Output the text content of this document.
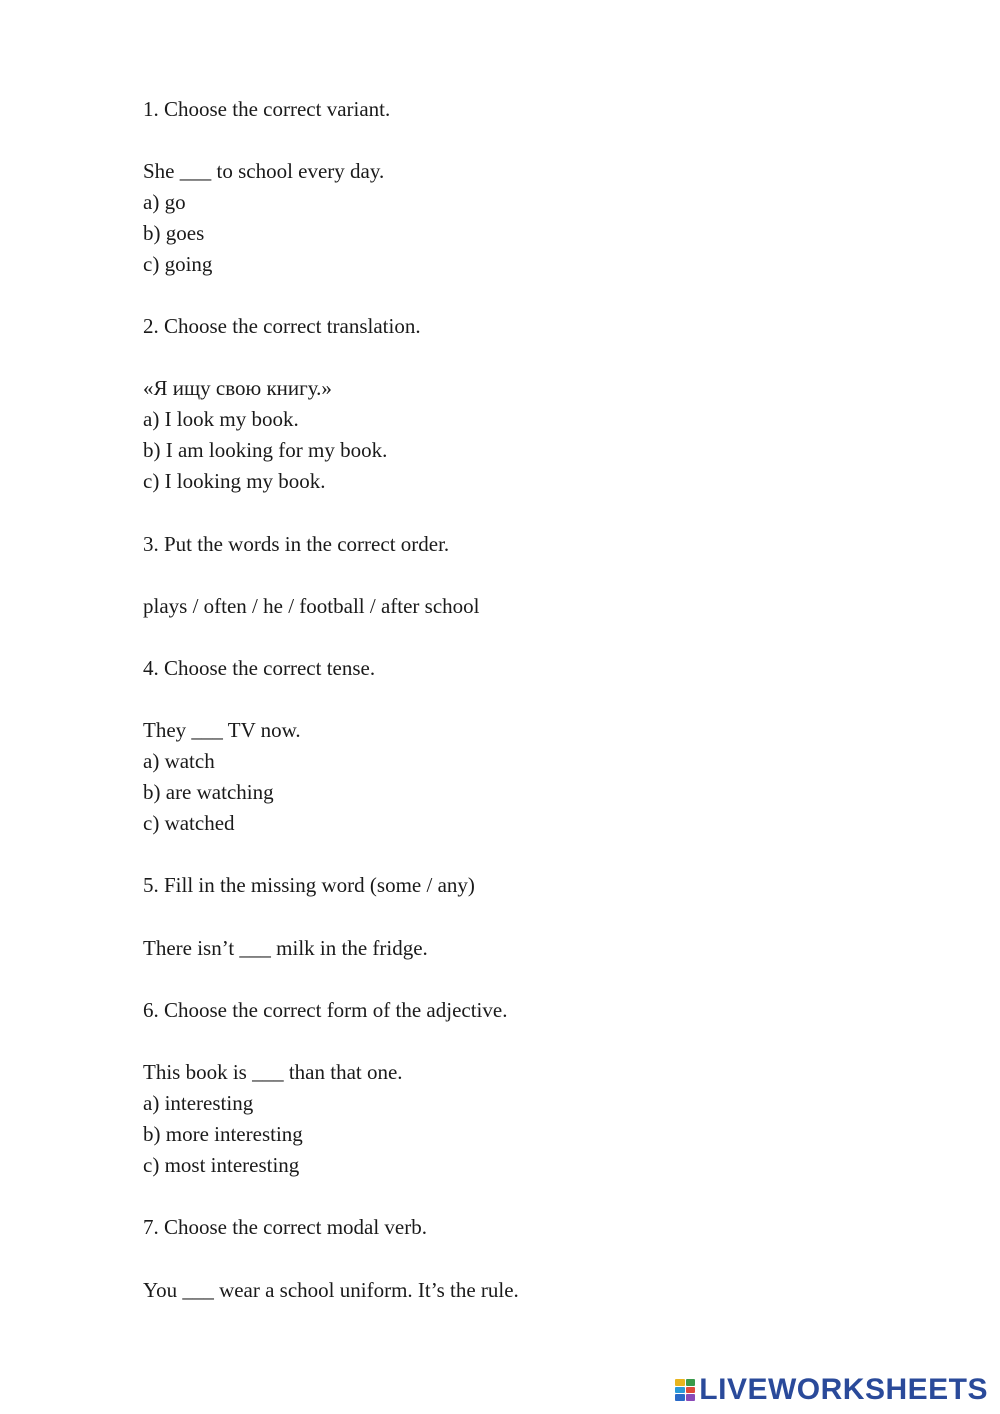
1. Choose the correct variant.
She ___ to school every day.
a) go
b) goes
c) going
2. Choose the correct translation.
«Я ищу свою книгу.»
a) I look my book.
b) I am looking for my book.
c) I looking my book.
3. Put the words in the correct order.
plays / often / he / football / after school
4. Choose the correct tense.
They ___ TV now.
a) watch
b) are watching
c) watched
5. Fill in the missing word (some / any)
There isn’t ___ milk in the fridge.
6. Choose the correct form of the adjective.
This book is ___ than that one.
a) interesting
b) more interesting
c) most interesting
7. Choose the correct modal verb.
You ___ wear a school uniform. It’s the rule.
LIVEWORKSHEETS
